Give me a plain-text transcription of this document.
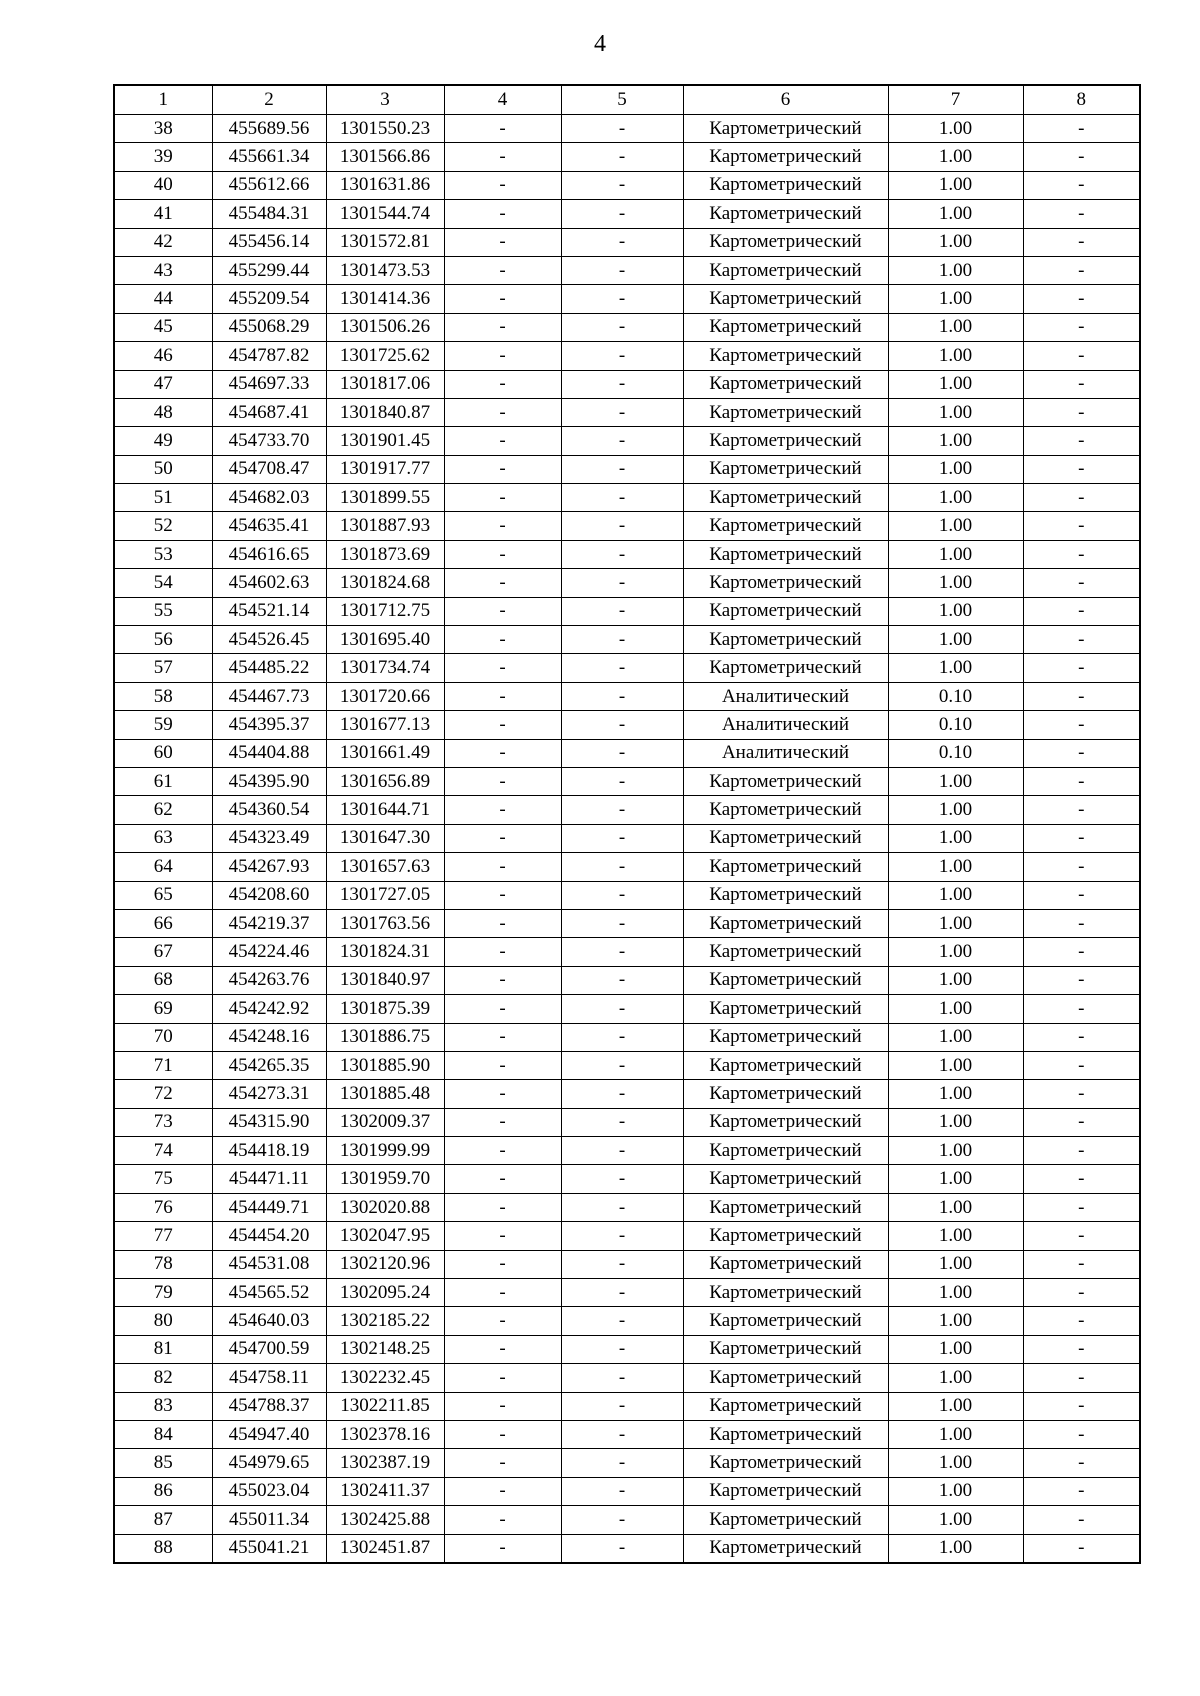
4
1	2	3	4	5	6	7	8
38	455689.56	1301550.23	-	-	Картометрический	1.00	-
39	455661.34	1301566.86	-	-	Картометрический	1.00	-
40	455612.66	1301631.86	-	-	Картометрический	1.00	-
41	455484.31	1301544.74	-	-	Картометрический	1.00	-
42	455456.14	1301572.81	-	-	Картометрический	1.00	-
43	455299.44	1301473.53	-	-	Картометрический	1.00	-
44	455209.54	1301414.36	-	-	Картометрический	1.00	-
45	455068.29	1301506.26	-	-	Картометрический	1.00	-
46	454787.82	1301725.62	-	-	Картометрический	1.00	-
47	454697.33	1301817.06	-	-	Картометрический	1.00	-
48	454687.41	1301840.87	-	-	Картометрический	1.00	-
49	454733.70	1301901.45	-	-	Картометрический	1.00	-
50	454708.47	1301917.77	-	-	Картометрический	1.00	-
51	454682.03	1301899.55	-	-	Картометрический	1.00	-
52	454635.41	1301887.93	-	-	Картометрический	1.00	-
53	454616.65	1301873.69	-	-	Картометрический	1.00	-
54	454602.63	1301824.68	-	-	Картометрический	1.00	-
55	454521.14	1301712.75	-	-	Картометрический	1.00	-
56	454526.45	1301695.40	-	-	Картометрический	1.00	-
57	454485.22	1301734.74	-	-	Картометрический	1.00	-
58	454467.73	1301720.66	-	-	Аналитический	0.10	-
59	454395.37	1301677.13	-	-	Аналитический	0.10	-
60	454404.88	1301661.49	-	-	Аналитический	0.10	-
61	454395.90	1301656.89	-	-	Картометрический	1.00	-
62	454360.54	1301644.71	-	-	Картометрический	1.00	-
63	454323.49	1301647.30	-	-	Картометрический	1.00	-
64	454267.93	1301657.63	-	-	Картометрический	1.00	-
65	454208.60	1301727.05	-	-	Картометрический	1.00	-
66	454219.37	1301763.56	-	-	Картометрический	1.00	-
67	454224.46	1301824.31	-	-	Картометрический	1.00	-
68	454263.76	1301840.97	-	-	Картометрический	1.00	-
69	454242.92	1301875.39	-	-	Картометрический	1.00	-
70	454248.16	1301886.75	-	-	Картометрический	1.00	-
71	454265.35	1301885.90	-	-	Картометрический	1.00	-
72	454273.31	1301885.48	-	-	Картометрический	1.00	-
73	454315.90	1302009.37	-	-	Картометрический	1.00	-
74	454418.19	1301999.99	-	-	Картометрический	1.00	-
75	454471.11	1301959.70	-	-	Картометрический	1.00	-
76	454449.71	1302020.88	-	-	Картометрический	1.00	-
77	454454.20	1302047.95	-	-	Картометрический	1.00	-
78	454531.08	1302120.96	-	-	Картометрический	1.00	-
79	454565.52	1302095.24	-	-	Картометрический	1.00	-
80	454640.03	1302185.22	-	-	Картометрический	1.00	-
81	454700.59	1302148.25	-	-	Картометрический	1.00	-
82	454758.11	1302232.45	-	-	Картометрический	1.00	-
83	454788.37	1302211.85	-	-	Картометрический	1.00	-
84	454947.40	1302378.16	-	-	Картометрический	1.00	-
85	454979.65	1302387.19	-	-	Картометрический	1.00	-
86	455023.04	1302411.37	-	-	Картометрический	1.00	-
87	455011.34	1302425.88	-	-	Картометрический	1.00	-
88	455041.21	1302451.87	-	-	Картометрический	1.00	-
